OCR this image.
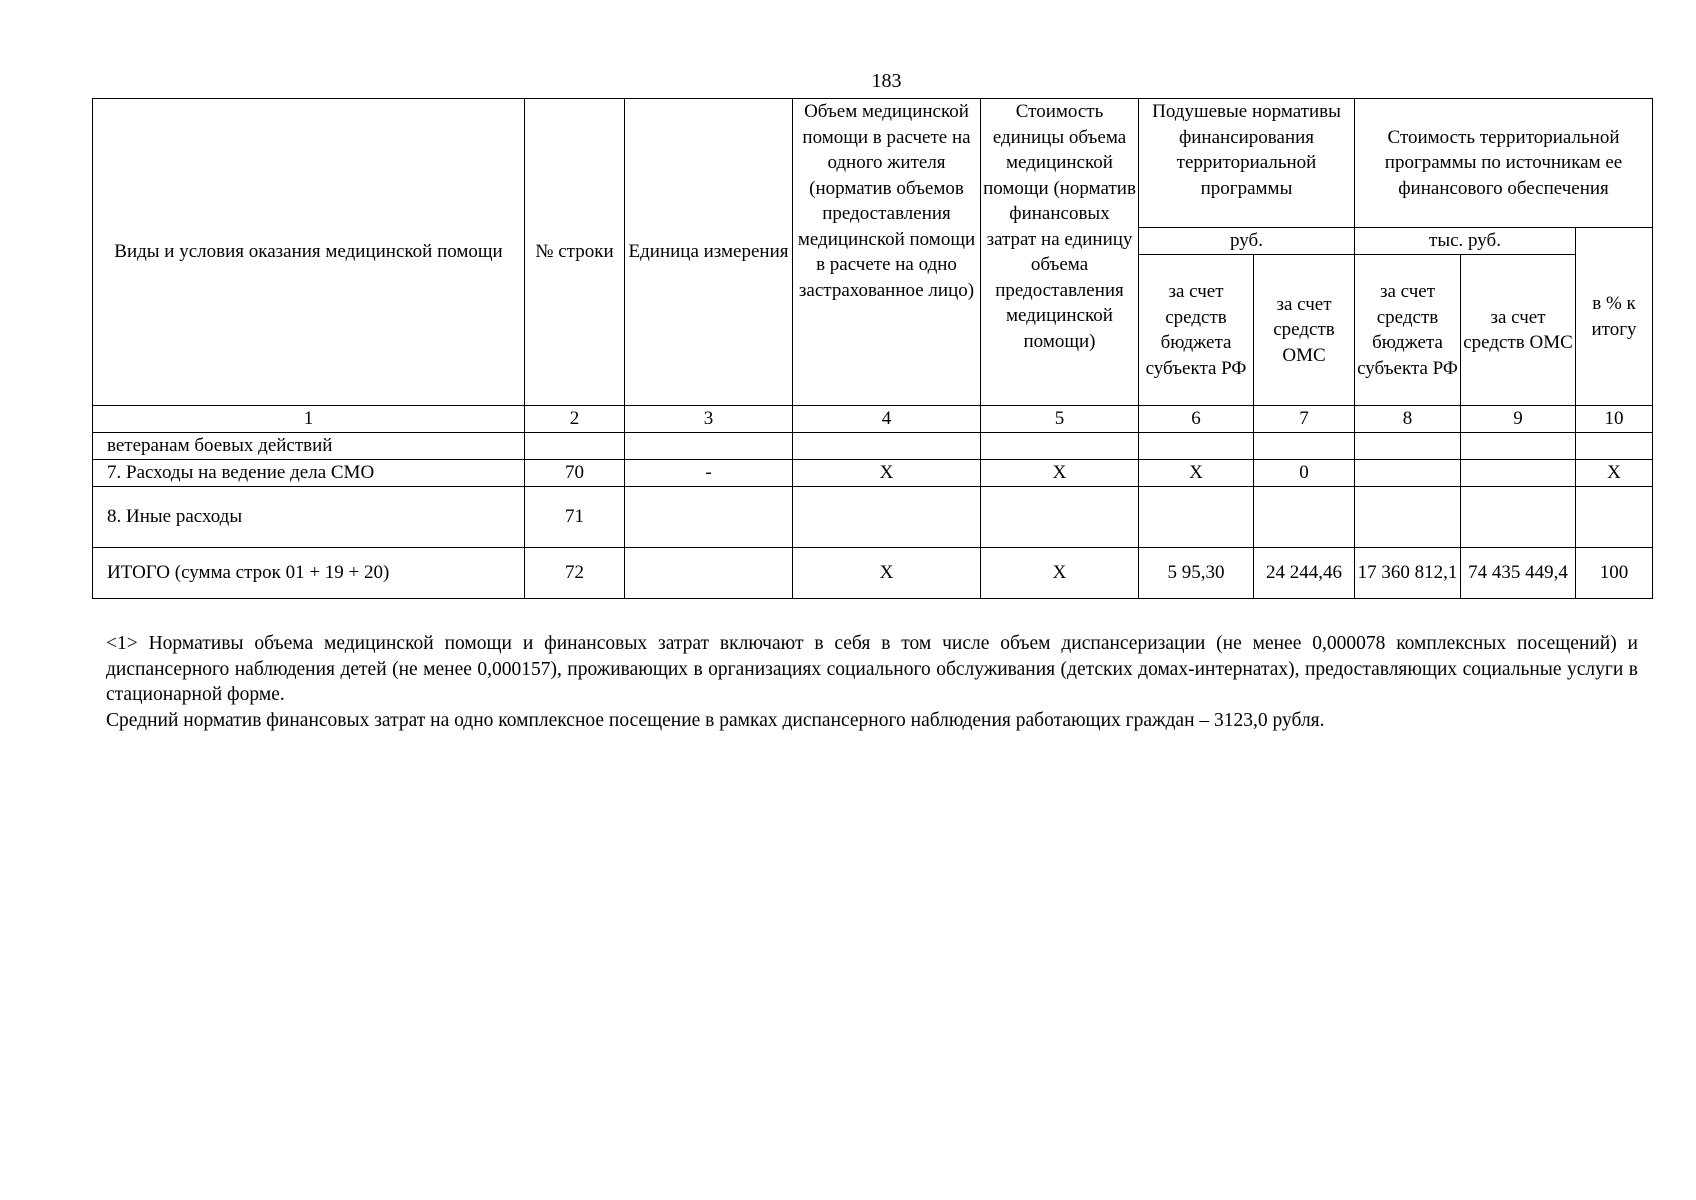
183
Виды и условия оказания медицинской помощи	№ строки	Единица измерения	Объем медицинской помощи в расчете на одного жителя (норматив объемов предоставления медицинской помощи в расчете на одно застрахованное лицо)	Стоимость единицы объема медицинской помощи (норматив финансовых затрат на единицу объема предоставления медицинской помощи)	Подушевые нормативы финансирования территориальной программы		Стоимость территориальной программы по источникам ее финансового обеспечения		
					руб.		тыс. руб.		в % к итогу
					за счет средств бюджета субъекта РФ	за счет средств ОМС	за счет средств бюджета субъекта РФ	за счет средств ОМС	
1	2	3	4	5	6	7	8	9	10
ветеранам боевых действий									
7. Расходы на ведение дела СМО	70	-	X	X	X	0			X
8. Иные расходы	71								
ИТОГО (сумма строк 01 + 19 + 20)	72		X	X	5 95,30	24 244,46	17 360 812,1	74 435 449,4	100

<1> Нормативы объема медицинской помощи и финансовых затрат включают в себя в том числе объем диспансеризации (не менее 0,000078 комплексных посещений) и диспансерного наблюдения детей (не менее 0,000157), проживающих в организациях социального обслуживания (детских домах-интернатах), предоставляющих социальные услуги в стационарной форме.

Средний норматив финансовых затрат на одно комплексное посещение в рамках диспансерного наблюдения работающих граждан – 3123,0 рубля.
